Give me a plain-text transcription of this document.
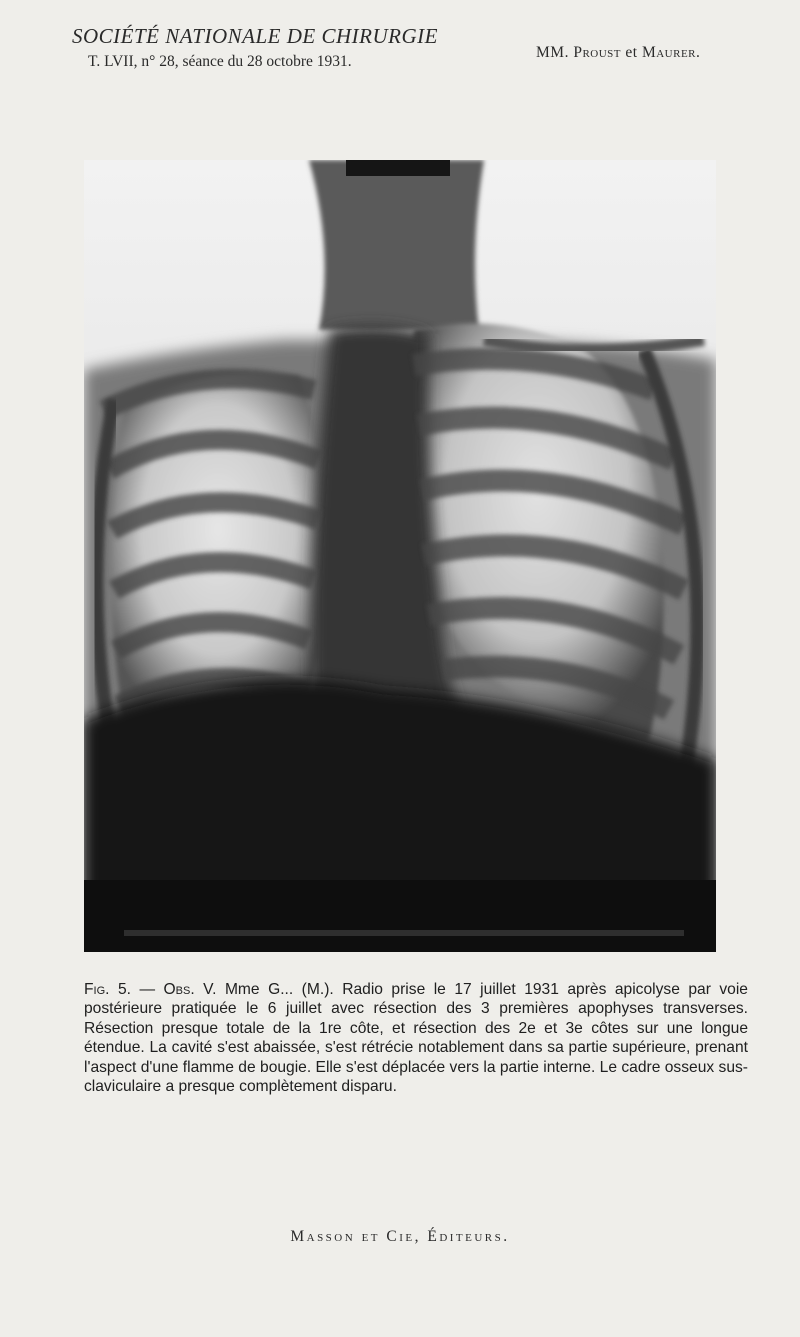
SOCIÉTÉ NATIONALE DE CHIRURGIE
T. LVII, n° 28, séance du 28 octobre 1931.
MM. Proust et Maurer.
Fig. 5. — Obs. V. Mme G... (M.). Radio prise le 17 juillet 1931 après apicolyse par voie postérieure pratiquée le 6 juillet avec résection des 3 premières apophyses transverses. Résection presque totale de la 1re côte, et résection des 2e et 3e côtes sur une longue étendue. La cavité s'est abaissée, s'est rétrécie notablement dans sa partie supérieure, prenant l'aspect d'une flamme de bougie. Elle s'est déplacée vers la partie interne. Le cadre osseux sus-claviculaire a presque complètement disparu.
Masson et Cie, Éditeurs.
